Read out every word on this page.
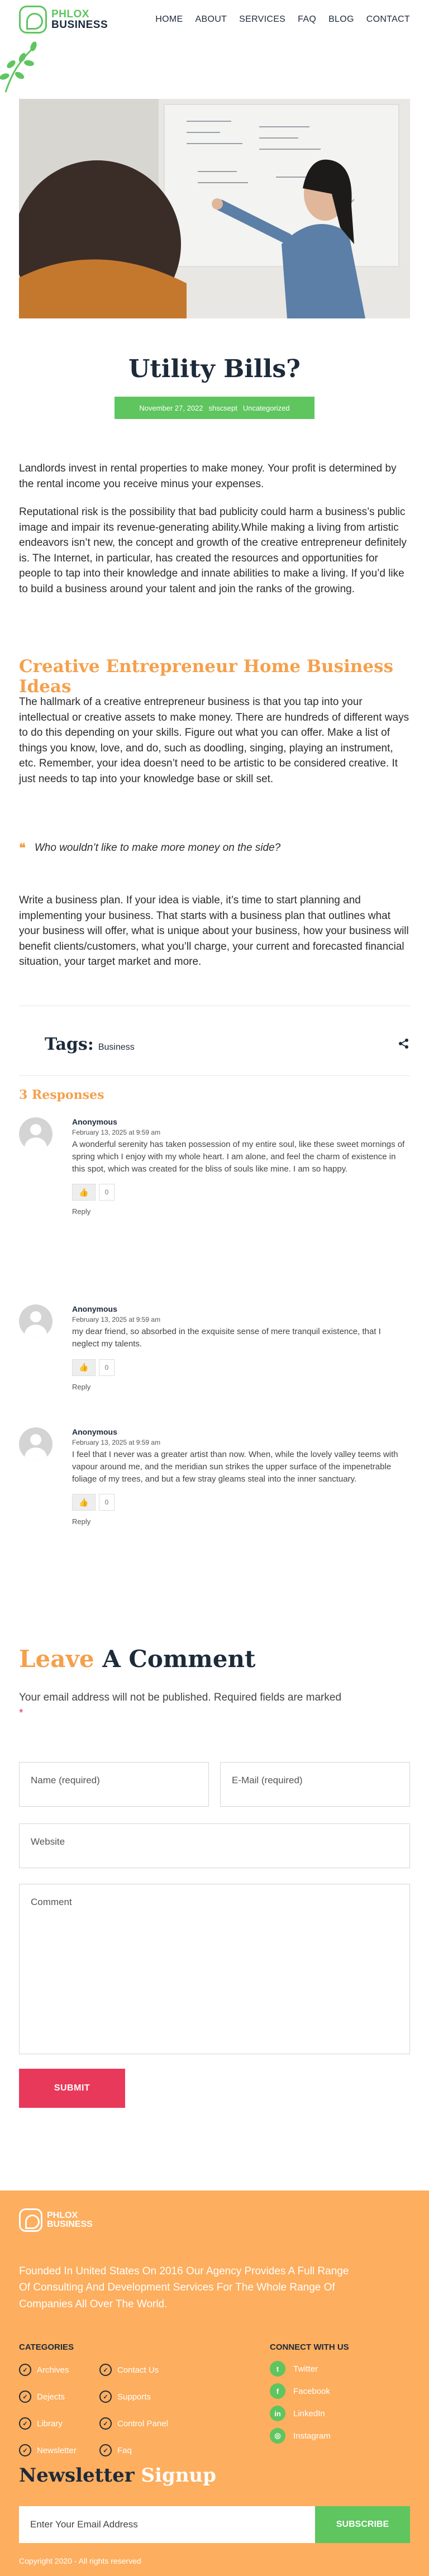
PHLOX
BUSINESS	HOME ABOUT SERVICES FAQ BLOG CONTACT
Utility Bills?
November 27, 2022 shscsept Uncategorized

Landlords invest in rental properties to make money. Your profit is determined by the rental income you receive minus your expenses.

Reputational risk is the possibility that bad publicity could harm a business’s public image and impair its revenue-generating ability.While making a living from artistic endeavors isn’t new, the concept and growth of the creative entrepreneur definitely is. The Internet, in particular, has created the resources and opportunities for people to tap into their knowledge and innate abilities to make a living. If you’d like to build a business around your talent and join the ranks of the growing.

Creative Entrepreneur Home Business Ideas

The hallmark of a creative entrepreneur business is that you tap into your intellectual or creative assets to make money. There are hundreds of different ways to do this depending on your skills. Figure out what you can offer. Make a list of things you know, love, and do, such as doodling, singing, playing an instrument, etc. Remember, your idea doesn’t need to be artistic to be considered creative. It just needs to tap into your knowledge base or skill set.

❝ Who wouldn’t like to make more money on the side?

Write a business plan. If your idea is viable, it’s time to start planning and implementing your business. That starts with a business plan that outlines what your business will offer, what is unique about your business, how your business will benefit clients/customers, what you’ll charge, your current and forecasted financial situation, your target market and more.

Tags: Business
3 Responses
Anonymous
February 13, 2025 at 9:59 am
A wonderful serenity has taken possession of my entire soul, like these sweet mornings of spring which I enjoy with my whole heart. I am alone, and feel the charm of existence in this spot, which was created for the bliss of souls like mine. I am so happy.
👍	0
Reply
Anonymous
February 13, 2025 at 9:59 am
my dear friend, so absorbed in the exquisite sense of mere tranquil existence, that I neglect my talents.
👍	0
Reply
Anonymous
February 13, 2025 at 9:59 am
I feel that I never was a greater artist than now. When, while the lovely valley teems with vapour around me, and the meridian sun strikes the upper surface of the impenetrable foliage of my trees, and but a few stray gleams steal into the inner sanctuary.
👍	0
Reply
Leave A Comment

Your email address will not be published. Required fields are marked
*

Name (required)	E-Mail (required)
Website
Comment
SUBMIT
PHLOX
BUSINESS

Founded In United States On 2016 Our Agency Provides A Full Range Of Consulting And Development Services For The Whole Range Of Companies All Over The World.

CATEGORIES
✓	Archives
✓	Dejects
✓	Library
✓	Newsletter
✓	Contact Us
✓	Supports
✓	Control Panel
✓	Faq
CONNECT WITH US
t	Twitter
f	Facebook
in	LinkedIn
◎	Instagram
Newsletter Signup
Enter Your Email Address	SUBSCRIBE
Copyright 2020 - All rights reserved
